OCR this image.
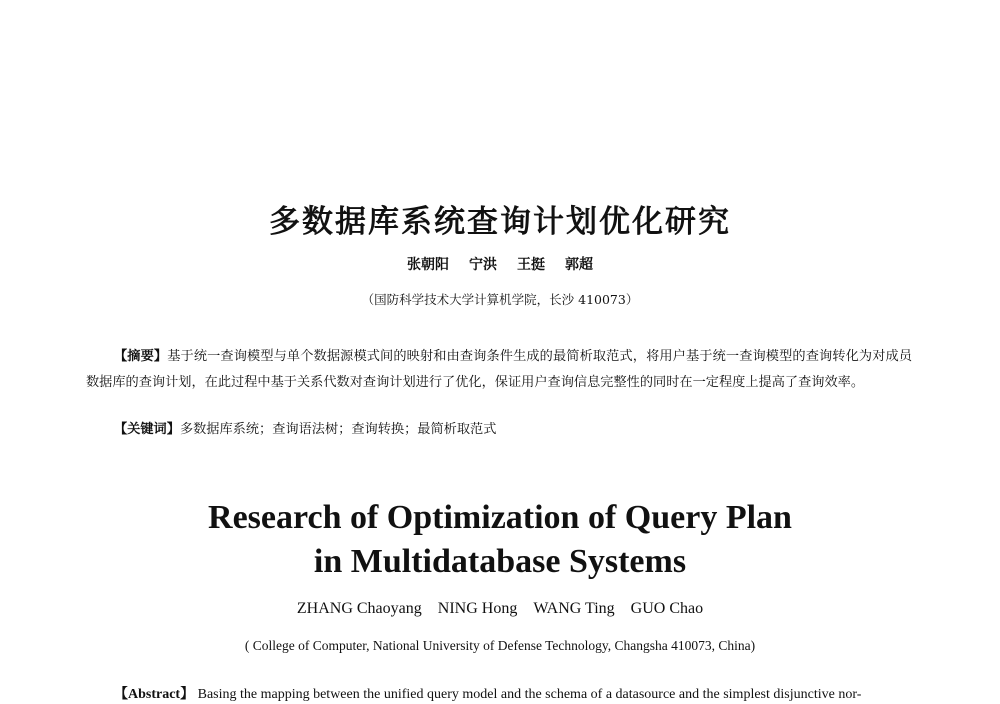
多数据库系统查询计划优化研究
张朝阳 宁洪 王挺 郭超
（国防科学技术大学计算机学院，长沙 410073）

【摘要】基于统一查询模型与单个数据源模式间的映射和由查询条件生成的最简析取范式，将用户基于统一查询模型的查询转化为对成员数据库的查询计划，在此过程中基于关系代数对查询计划进行了优化，保证用户查询信息完整性的同时在一定程度上提高了查询效率。

【关键词】多数据库系统；查询语法树；查询转换；最简析取范式

Research of Optimization of Query Plan
in Multidatabase Systems
ZHANG Chaoyang NING Hong WANG Ting GUO Chao
( College of Computer, National University of Defense Technology, Changsha 410073, China)

【Abstract】 Basing the mapping between the unified query model and the schema of a datasource and the simplest disjunctive nor-
